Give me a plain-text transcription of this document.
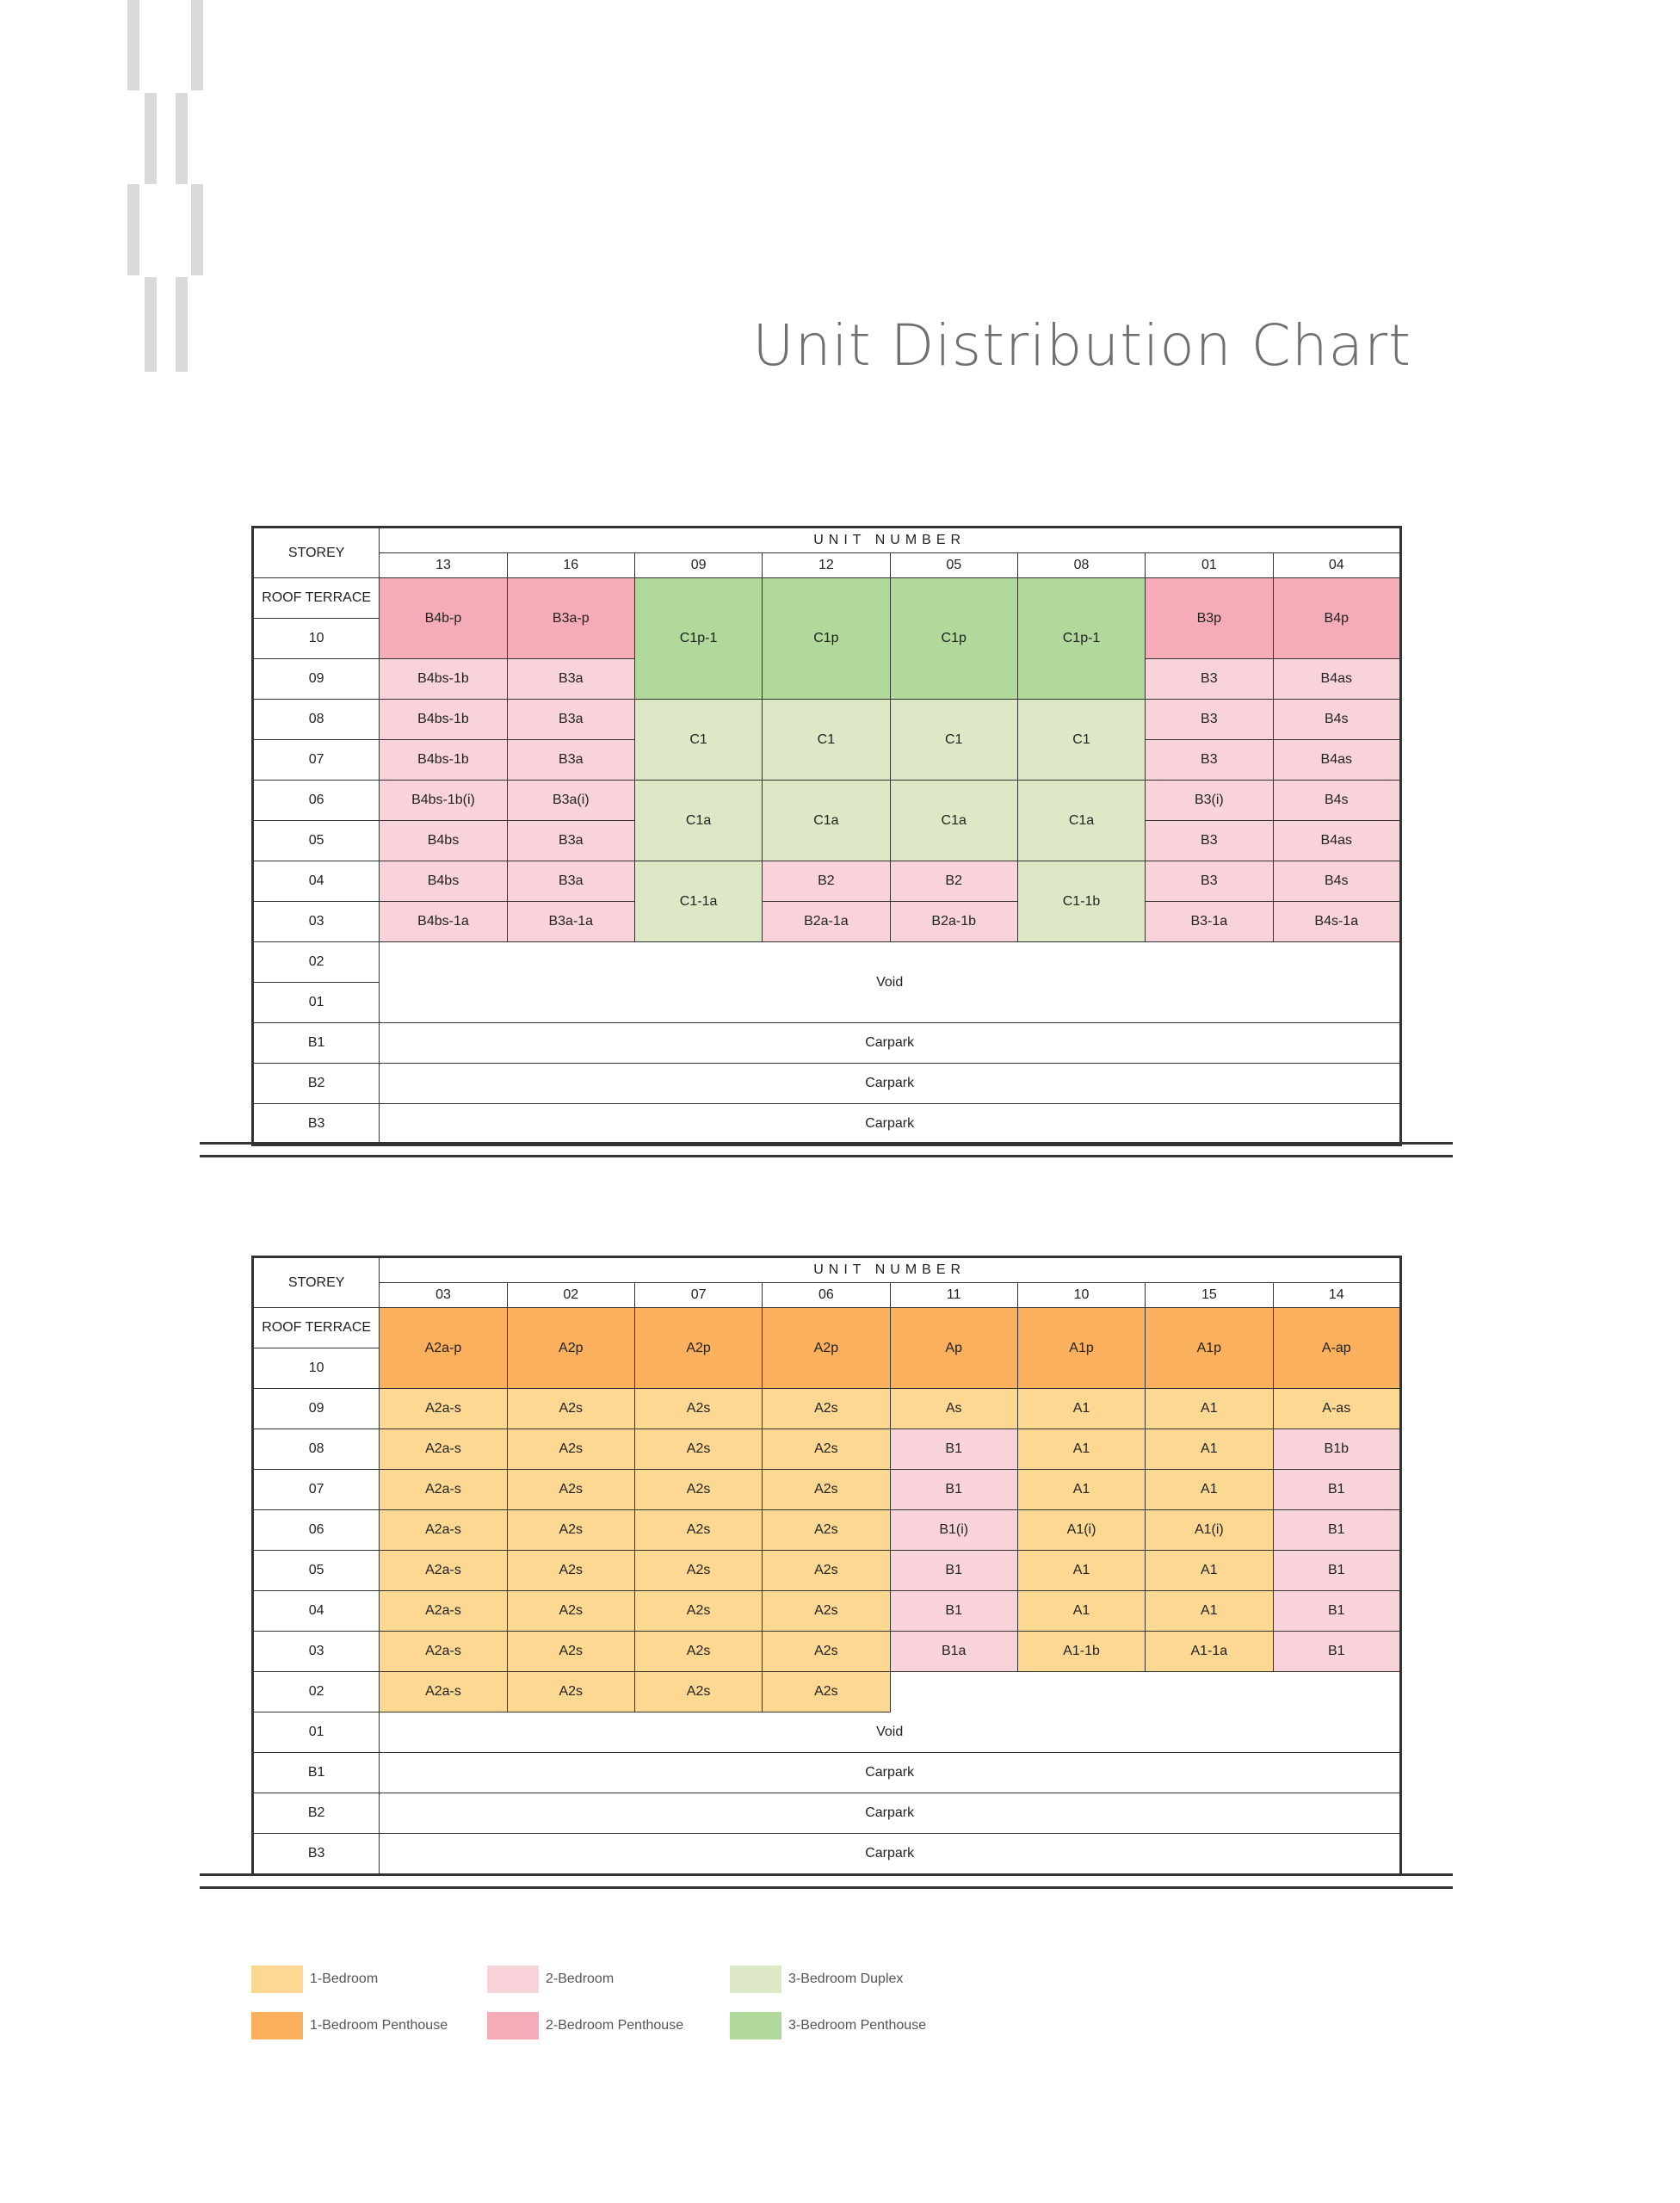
Unit Distribution Chart
STOREY	UNIT NUMBER							
	13	16	09	12	05	08	01	04
ROOF TERRACE	B4b-p	B3a-p	C1p-1	C1p	C1p	C1p-1	B3p	B4p
10								
09	B4bs-1b	B3a					B3	B4as
08	B4bs-1b	B3a	C1	C1	C1	C1	B3	B4s
07	B4bs-1b	B3a					B3	B4as
06	B4bs-1b(i)	B3a(i)	C1a	C1a	C1a	C1a	B3(i)	B4s
05	B4bs	B3a					B3	B4as
04	B4bs	B3a	C1-1a	B2	B2	C1-1b	B3	B4s
03	B4bs-1a	B3a-1a		B2a-1a	B2a-1b		B3-1a	B4s-1a
02	Void							
01								
B1	Carpark							
B2	Carpark							
B3	Carpark							
STOREY	UNIT NUMBER							
	03	02	07	06	11	10	15	14
ROOF TERRACE	A2a-p	A2p	A2p	A2p	Ap	A1p	A1p	A-ap
10								
09	A2a-s	A2s	A2s	A2s	As	A1	A1	A-as
08	A2a-s	A2s	A2s	A2s	B1	A1	A1	B1b
07	A2a-s	A2s	A2s	A2s	B1	A1	A1	B1
06	A2a-s	A2s	A2s	A2s	B1(i)	A1(i)	A1(i)	B1
05	A2a-s	A2s	A2s	A2s	B1	A1	A1	B1
04	A2a-s	A2s	A2s	A2s	B1	A1	A1	B1
03	A2a-s	A2s	A2s	A2s	B1a	A1-1b	A1-1a	B1
02	A2a-s	A2s	A2s	A2s				
01	Void							
B1	Carpark							
B2	Carpark							
B3	Carpark							
1-Bedroom
1-Bedroom Penthouse
2-Bedroom
2-Bedroom Penthouse
3-Bedroom Duplex
3-Bedroom Penthouse
